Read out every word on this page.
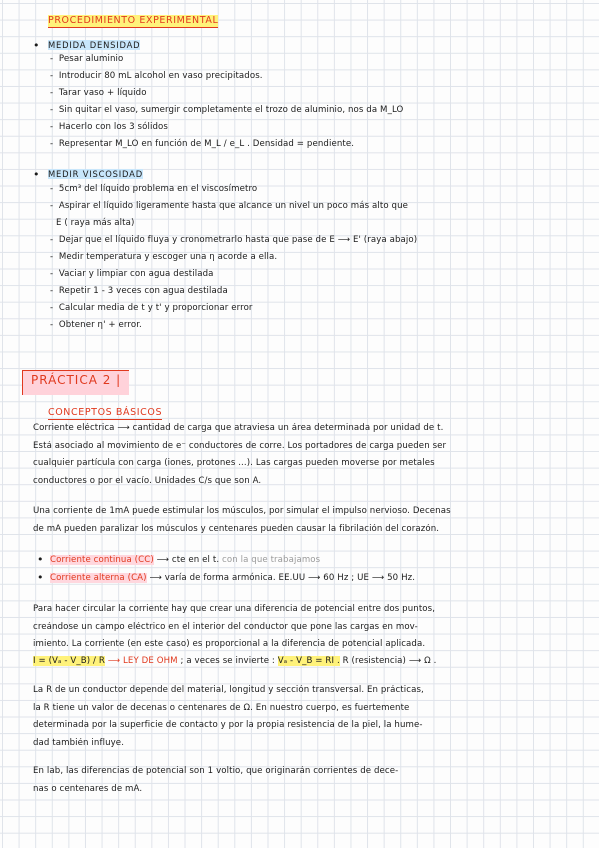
PROCEDIMIENTO EXPERIMENTAL
• MEDIDA DENSIDAD
-  Pesar aluminio
-  Introducir 80 mL alcohol en vaso precipitados.
-  Tarar vaso + líquido
-  Sin quitar el vaso, sumergir completamente el trozo de aluminio, nos da M_LO
-  Hacerlo con los 3 sólidos
-  Representar M_LO en función de M_L / e_L . Densidad = pendiente.
• MEDIR VISCOSIDAD
-  5cm³ del líquido problema en el viscosímetro
-  Aspirar el líquido ligeramente hasta que alcance un nivel un poco más alto que
E ( raya más alta)
-  Dejar que el líquido fluya y cronometrarlo hasta que pase de E ⟶ E' (raya abajo)
-  Medir temperatura y escoger una η acorde a ella.
-  Vaciar y limpiar con agua destilada
-  Repetir 1 - 3 veces con agua destilada
-  Calcular media de t y t' y proporcionar error
-  Obtener η' + error.
PRÁCTICA 2 |
CONCEPTOS BÁSICOS
Corriente eléctrica ⟶ cantidad de carga que atraviesa un área determinada por unidad de t.
Está asociado al movimiento de e⁻ conductores de corre. Los portadores de carga pueden ser
cualquier partícula con carga (iones, protones ...). Las cargas pueden moverse por metales
conductores o por el vacío. Unidades C/s que son A.
Una corriente de 1mA puede estimular los músculos, por simular el impulso nervioso. Decenas
de mA pueden paralizar los músculos y centenares pueden causar la fibrilación del corazón.
• Corriente continua (CC) ⟶ cte en el t. con la que trabajamos
• Corriente alterna (CA) ⟶ varía de forma armónica. EE.UU ⟶ 60 Hz ; UE ⟶ 50 Hz.
Para hacer circular la corriente hay que crear una diferencia de potencial entre dos puntos,
creándose un campo eléctrico en el interior del conductor que pone las cargas en mov-
imiento. La corriente (en este caso) es proporcional a la diferencia de potencial aplicada.
I = (Vₐ - V_B) / R ⟶ LEY DE OHM ; a veces se invierte : Vₐ - V_B = RI . R (resistencia) ⟶ Ω .
La R de un conductor depende del material, longitud y sección transversal. En prácticas,
la R tiene un valor de decenas o centenares de Ω. En nuestro cuerpo, es fuertemente
determinada por la superficie de contacto y por la propia resistencia de la piel, la hume-
dad también influye.
En lab, las diferencias de potencial son 1 voltio, que originarán corrientes de dece-
nas o centenares de mA.
